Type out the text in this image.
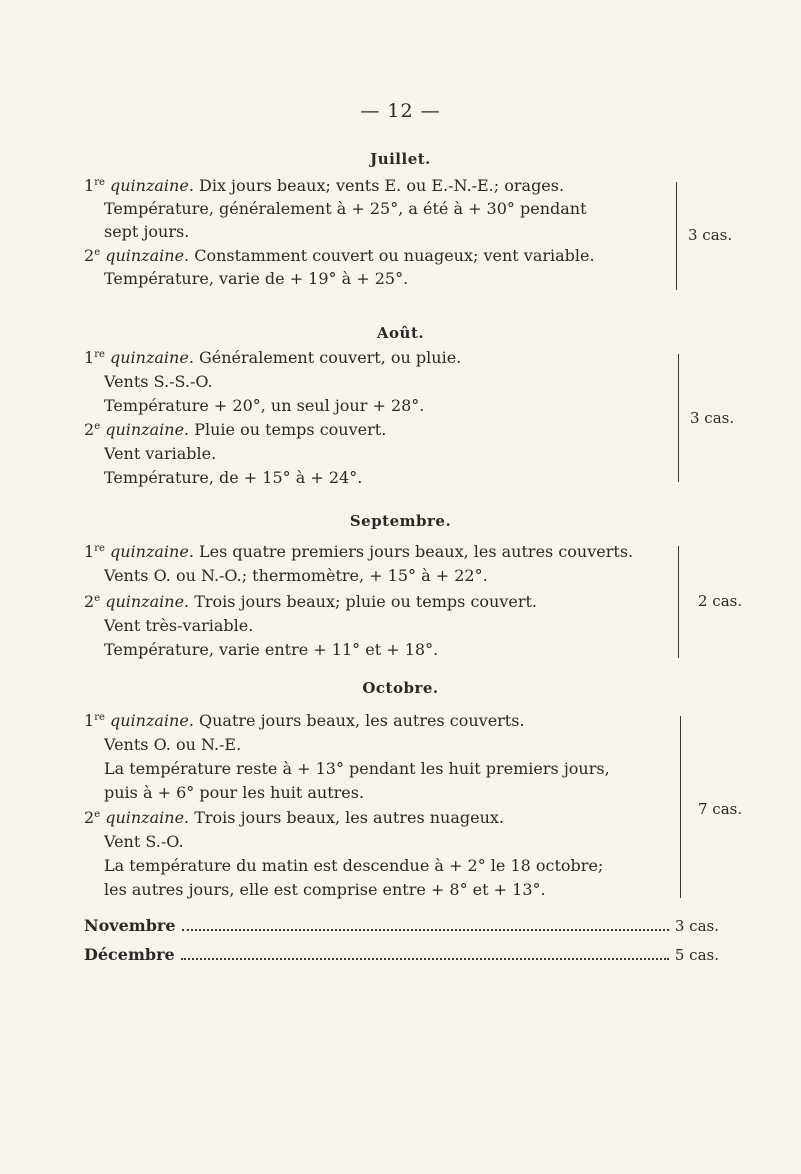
— 12 —
Juillet.
1re quinzaine. Dix jours beaux; vents E. ou E.-N.-E.; orages.
Température, généralement à + 25°, a été à + 30° pendant
sept jours.
2e quinzaine. Constamment couvert ou nuageux; vent variable.
Température, varie de + 19° à + 25°.
3 cas.
Août.
1re quinzaine. Généralement couvert, ou pluie.
Vents S.-S.-O.
Température + 20°, un seul jour + 28°.
2e quinzaine. Pluie ou temps couvert.
Vent variable.
Température, de + 15° à + 24°.
3 cas.
Septembre.
1re quinzaine. Les quatre premiers jours beaux, les autres couverts.
Vents O. ou N.-O.; thermomètre, + 15° à + 22°.
2e quinzaine. Trois jours beaux; pluie ou temps couvert.
Vent très-variable.
Température, varie entre + 11° et + 18°.
2 cas.
Octobre.
1re quinzaine. Quatre jours beaux, les autres couverts.
Vents O. ou N.-E.
La température reste à + 13° pendant les huit premiers jours,
puis à + 6° pour les huit autres.
2e quinzaine. Trois jours beaux, les autres nuageux.
Vent S.-O.
La température du matin est descendue à + 2° le 18 octobre;
les autres jours, elle est comprise entre + 8° et + 13°.
7 cas.
Novembre	3 cas.
Décembre	5 cas.
